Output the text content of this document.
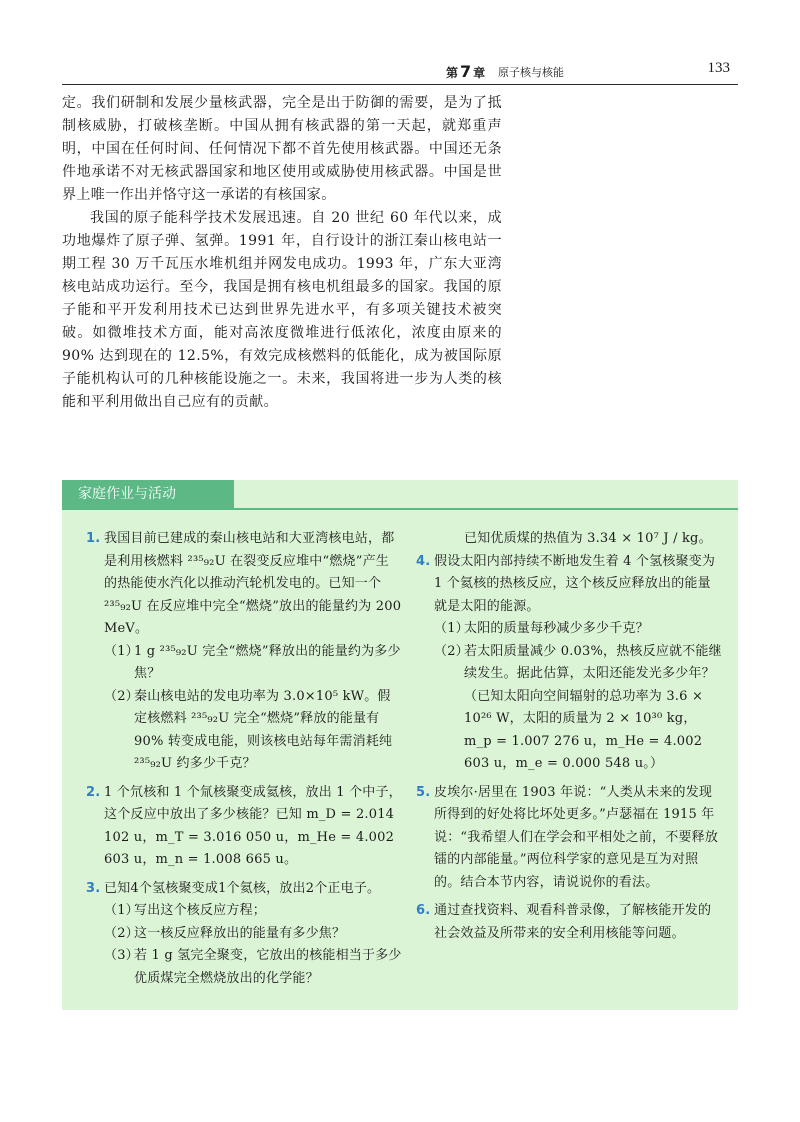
第 7 章 原子核与核能	133

定。我们研制和发展少量核武器，完全是出于防御的需要，是为了抵制核威胁，打破核垄断。中国从拥有核武器的第一天起，就郑重声明，中国在任何时间、任何情况下都不首先使用核武器。中国还无条件地承诺不对无核武器国家和地区使用或威胁使用核武器。中国是世界上唯一作出并恪守这一承诺的有核国家。

我国的原子能科学技术发展迅速。自 20 世纪 60 年代以来，成功地爆炸了原子弹、氢弹。1991 年，自行设计的浙江秦山核电站一期工程 30 万千瓦压水堆机组并网发电成功。1993 年，广东大亚湾核电站成功运行。至今，我国是拥有核电机组最多的国家。我国的原子能和平开发利用技术已达到世界先进水平，有多项关键技术被突破。如微堆技术方面，能对高浓度微堆进行低浓化，浓度由原来的 90% 达到现在的 12.5%，有效完成核燃料的低能化，成为被国际原子能机构认可的几种核能设施之一。未来，我国将进一步为人类的核能和平利用做出自己应有的贡献。

家庭作业与活动

1. 我国目前已建成的秦山核电站和大亚湾核电站，都是利用核燃料 ²³⁵₉₂U 在裂变反应堆中“燃烧”产生的热能使水汽化以推动汽轮机发电的。已知一个 ²³⁵₉₂U 在反应堆中完全“燃烧”放出的能量约为 200 MeV。

（1）
1 g ²³⁵₉₂U 完全“燃烧”释放出的能量约为多少焦？

（2）
秦山核电站的发电功率为 3.0×10⁵ kW。假定核燃料 ²³⁵₉₂U 完全“燃烧”释放的能量有 90% 转变成电能，则该核电站每年需消耗纯 ²³⁵₉₂U 约多少千克？

2. 1 个氘核和 1 个氚核聚变成氦核，放出 1 个中子，这个反应中放出了多少核能？已知 m_D = 2.014 102 u，m_T = 3.016 050 u，m_He = 4.002 603 u，m_n = 1.008 665 u。

3. 已知4个氢核聚变成1个氦核，放出2个正电子。

（1）
写出这个核反应方程；

（2）
这一核反应释放出的能量有多少焦？

（3）
若 1 g 氢完全聚变，它放出的核能相当于多少优质煤完全燃烧放出的化学能？

已知优质煤的热值为 3.34 × 10⁷ J / kg。

4. 假设太阳内部持续不断地发生着 4 个氢核聚变为 1 个氦核的热核反应，这个核反应释放出的能量就是太阳的能源。

（1）
太阳的质量每秒减少多少千克？

（2）
若太阳质量减少 0.03%，热核反应就不能继续发生。据此估算，太阳还能发光多少年？（已知太阳向空间辐射的总功率为 3.6 × 10²⁶ W，太阳的质量为 2 × 10³⁰ kg，m_p = 1.007 276 u，m_He = 4.002 603 u，m_e = 0.000 548 u。）

5. 皮埃尔·居里在 1903 年说：“人类从未来的发现所得到的好处将比坏处更多。”卢瑟福在 1915 年说：“我希望人们在学会和平相处之前，不要释放镭的内部能量。”两位科学家的意见是互为对照的。结合本节内容，请说说你的看法。

6. 通过查找资料、观看科普录像，了解核能开发的社会效益及所带来的安全利用核能等问题。
